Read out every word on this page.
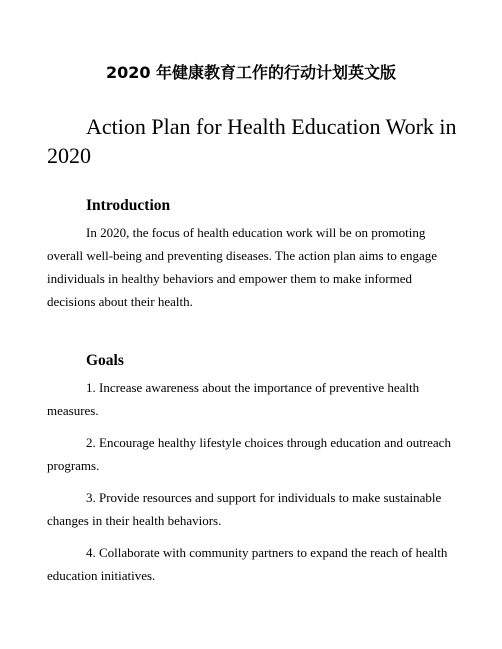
2020 年健康教育工作的行动计划英文版
Action Plan for Health Education Work in 2020
Introduction

In 2020, the focus of health education work will be on promoting overall well-being and preventing diseases. The action plan aims to engage individuals in healthy behaviors and empower them to make informed decisions about their health.

Goals

1. Increase awareness about the importance of preventive health measures.

2. Encourage healthy lifestyle choices through education and outreach programs.

3. Provide resources and support for individuals to make sustainable changes in their health behaviors.

4. Collaborate with community partners to expand the reach of health education initiatives.
